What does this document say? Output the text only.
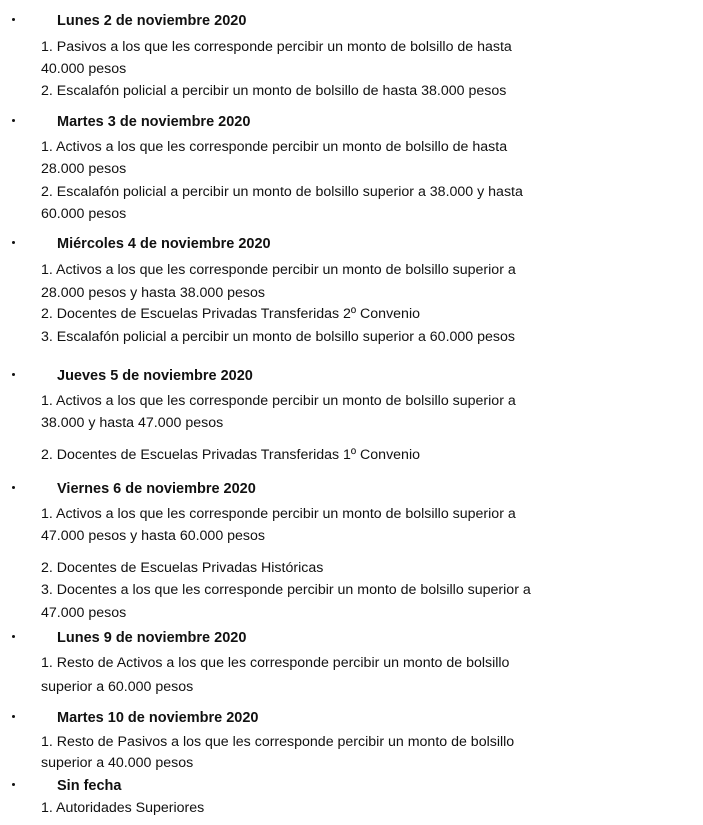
Lunes 2 de noviembre 2020
1. Pasivos a los que les corresponde percibir un monto de bolsillo de hasta
40.000 pesos
2. Escalafón policial a percibir un monto de bolsillo de hasta 38.000 pesos
Martes 3 de noviembre 2020
1. Activos a los que les corresponde percibir un monto de bolsillo de hasta
28.000 pesos
2. Escalafón policial a percibir un monto de bolsillo superior a 38.000 y hasta
60.000 pesos
Miércoles 4 de noviembre 2020
1. Activos a los que les corresponde percibir un monto de bolsillo superior a
28.000 pesos y hasta 38.000 pesos
2. Docentes de Escuelas Privadas Transferidas 2º Convenio
3. Escalafón policial a percibir un monto de bolsillo superior a 60.000 pesos
Jueves 5 de noviembre 2020
1. Activos a los que les corresponde percibir un monto de bolsillo superior a
38.000 y hasta 47.000 pesos
2. Docentes de Escuelas Privadas Transferidas 1º Convenio
Viernes 6 de noviembre 2020
1. Activos a los que les corresponde percibir un monto de bolsillo superior a
47.000 pesos y hasta 60.000 pesos
2. Docentes de Escuelas Privadas Históricas
3. Docentes a los que les corresponde percibir un monto de bolsillo superior a
47.000 pesos
Lunes 9 de noviembre 2020
1. Resto de Activos a los que les corresponde percibir un monto de bolsillo
superior a 60.000 pesos
Martes 10 de noviembre 2020
1. Resto de Pasivos a los que les corresponde percibir un monto de bolsillo
superior a 40.000 pesos
Sin fecha
1. Autoridades Superiores
